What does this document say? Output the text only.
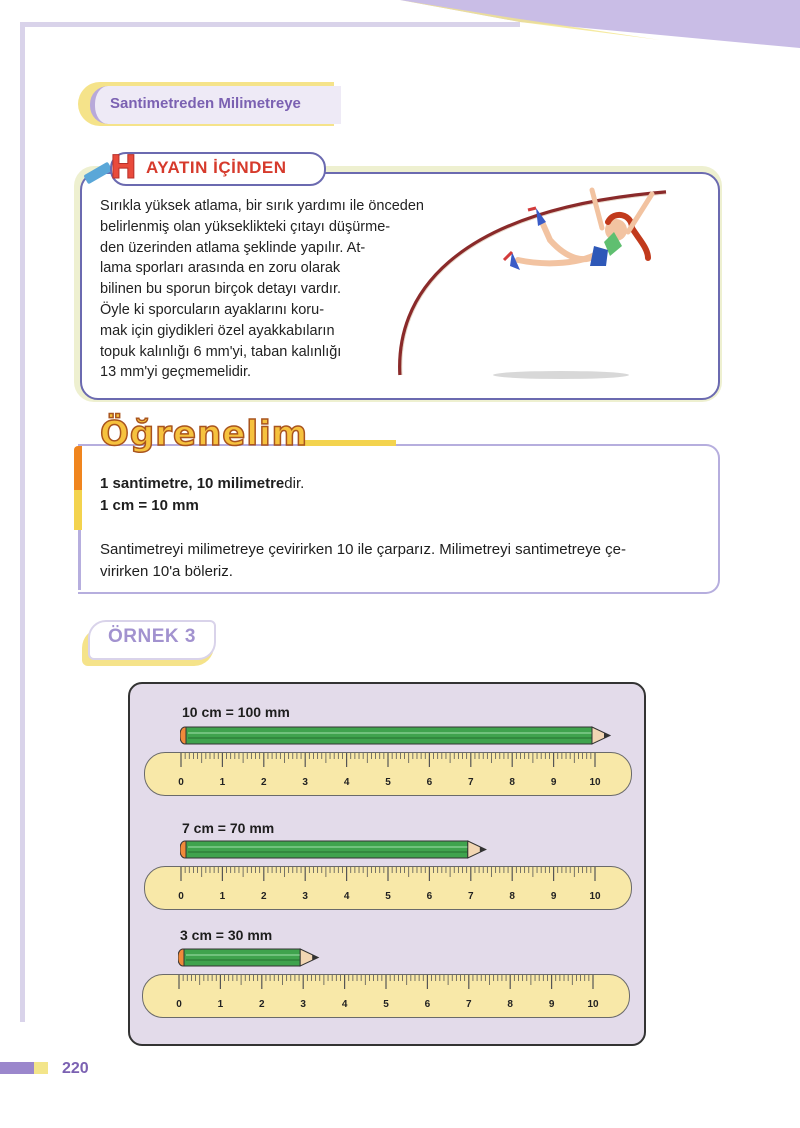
Santimetreden Milimetreye
H AYATIN İÇİNDEN
Sırıkla yüksek atlama, bir sırık yardımı ile önceden
belirlenmiş olan yükseklikteki çıtayı düşürme-
den üzerinden atlama şeklinde yapılır. At-
lama sporları arasında en zoru olarak
bilinen bu sporun birçok detayı vardır.
Öyle ki sporcuların ayaklarını koru-
mak için giydikleri özel ayakkabıların
topuk kalınlığı 6 mm'yi, taban kalınlığı
13 mm'yi geçmemelidir.
Öğrenelim
1 santimetre, 10 milimetredir.
1 cm = 10 mm
Santimetreyi milimetreye çevirirken 10 ile çarparız. Milimetreyi santimetreye çe-
virirken 10'a böleriz.
ÖRNEK 3
10 cm = 100 mm
0	1	2	3	4	5	6	7	8	9	10
7 cm = 70 mm
0	1	2	3	4	5	6	7	8	9	10
3 cm = 30 mm
0	1	2	3	4	5	6	7	8	9	10
220
